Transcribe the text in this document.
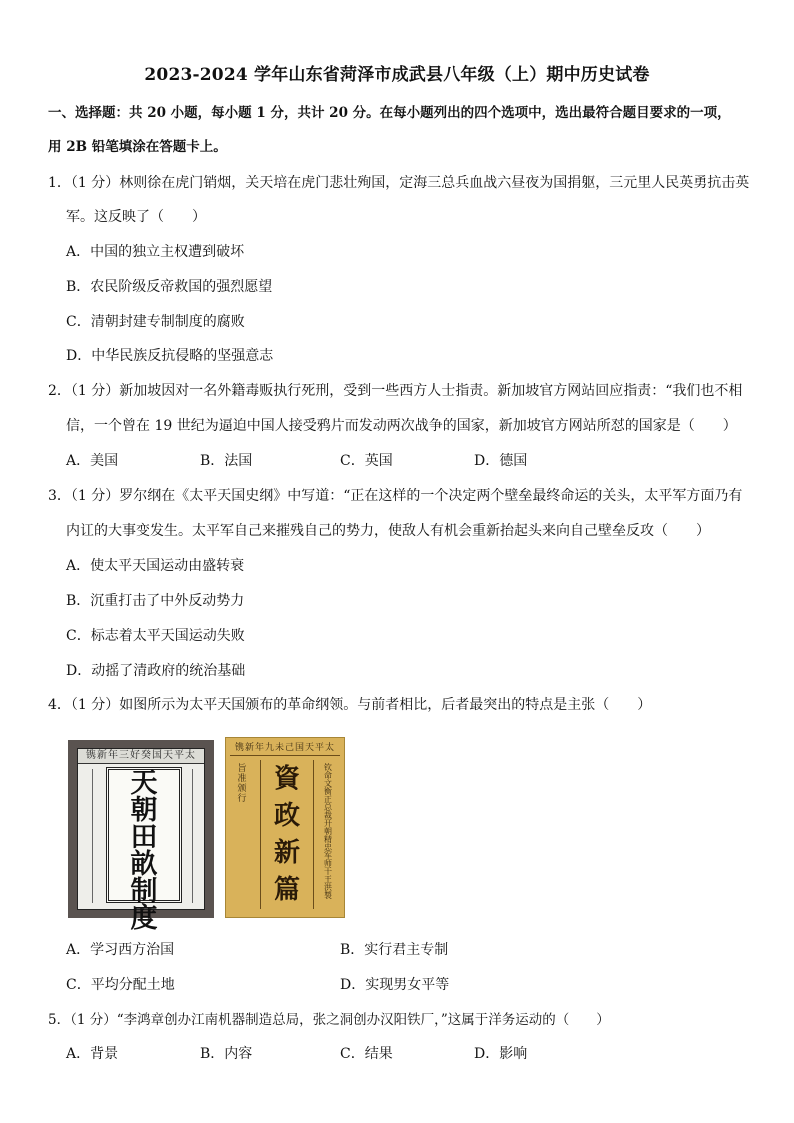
2023-2024 学年山东省菏泽市成武县八年级（上）期中历史试卷
一、选择题：共 20 小题，每小题 1 分，共计 20 分。在每小题列出的四个选项中，选出最符合题目要求的一项，
用 2B 铅笔填涂在答题卡上。
1．（1 分）林则徐在虎门销烟，关天培在虎门悲壮殉国，定海三总兵血战六昼夜为国捐躯，三元里人民英勇抗击英
军。这反映了（　　）
A．中国的独立主权遭到破坏
B．农民阶级反帝救国的强烈愿望
C．清朝封建专制制度的腐败
D．中华民族反抗侵略的坚强意志
2．（1 分）新加坡因对一名外籍毒贩执行死刑，受到一些西方人士指责。新加坡官方网站回应指责：“我们也不相
信，一个曾在 19 世纪为逼迫中国人接受鸦片而发动两次战争的国家，新加坡官方网站所怼的国家是（　　）
A．美国	B．法国	C．英国	D．德国
3．（1 分）罗尔纲在《太平天国史纲》中写道：“正在这样的一个决定两个壁垒最终命运的关头，太平军方面乃有
内讧的大事变发生。太平军自己来摧残自己的势力，使敌人有机会重新抬起头来向自己壁垒反攻（　　）
A．使太平天国运动由盛转衰
B．沉重打击了中外反动势力
C．标志着太平天国运动失败
D．动摇了清政府的统治基础
4．（1 分）如图所示为太平天国颁布的革命纲领。与前者相比，后者最突出的特点是主张（　　）
镌新年三好癸国天平太
天
朝
田
畝
制
度
镌新年九未己国天平太
旨准颁行
钦命文衡正总裁开朝精忠军师干王洪　製
資
政
新
篇
A．学习西方治国	B．实行君主专制
C．平均分配土地	D．实现男女平等
5．（1 分）“李鸿章创办江南机器制造总局，张之洞创办汉阳铁厂，”这属于洋务运动的（　　）
A．背景	B．内容	C．结果	D．影响
